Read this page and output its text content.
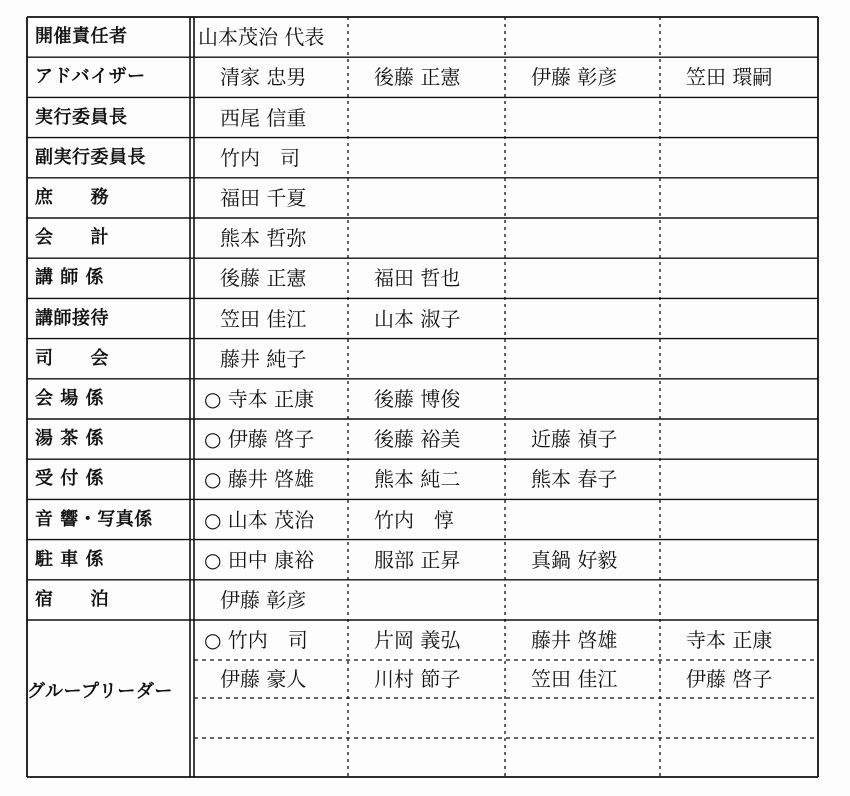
開催責任者	山本茂治 代表
アドバイザー	清家 忠男	後藤 正憲	伊藤 彰彦	笠田 環嗣
実行委員長	西尾 信重
副実行委員長	竹内　司
庶　　務	福田 千夏
会　　計	熊本 哲弥
講 師 係	後藤 正憲	福田 哲也
講師接待	笠田 佳江	山本 淑子
司　　会	藤井 純子
会 場 係	○ 寺本 正康	後藤 博俊
湯 茶 係	○ 伊藤 啓子	後藤 裕美	近藤 禎子
受 付 係	○ 藤井 啓雄	熊本 純二	熊本 春子
音 響・写真係	○ 山本 茂治	竹内　惇
駐 車 係	○ 田中 康裕	服部 正昇	真鍋 好毅
宿　　泊	伊藤 彰彦
グループリーダー
○ 竹内　司	片岡 義弘	藤井 啓雄	寺本 正康
伊藤 豪人	川村 節子	笠田 佳江	伊藤 啓子
